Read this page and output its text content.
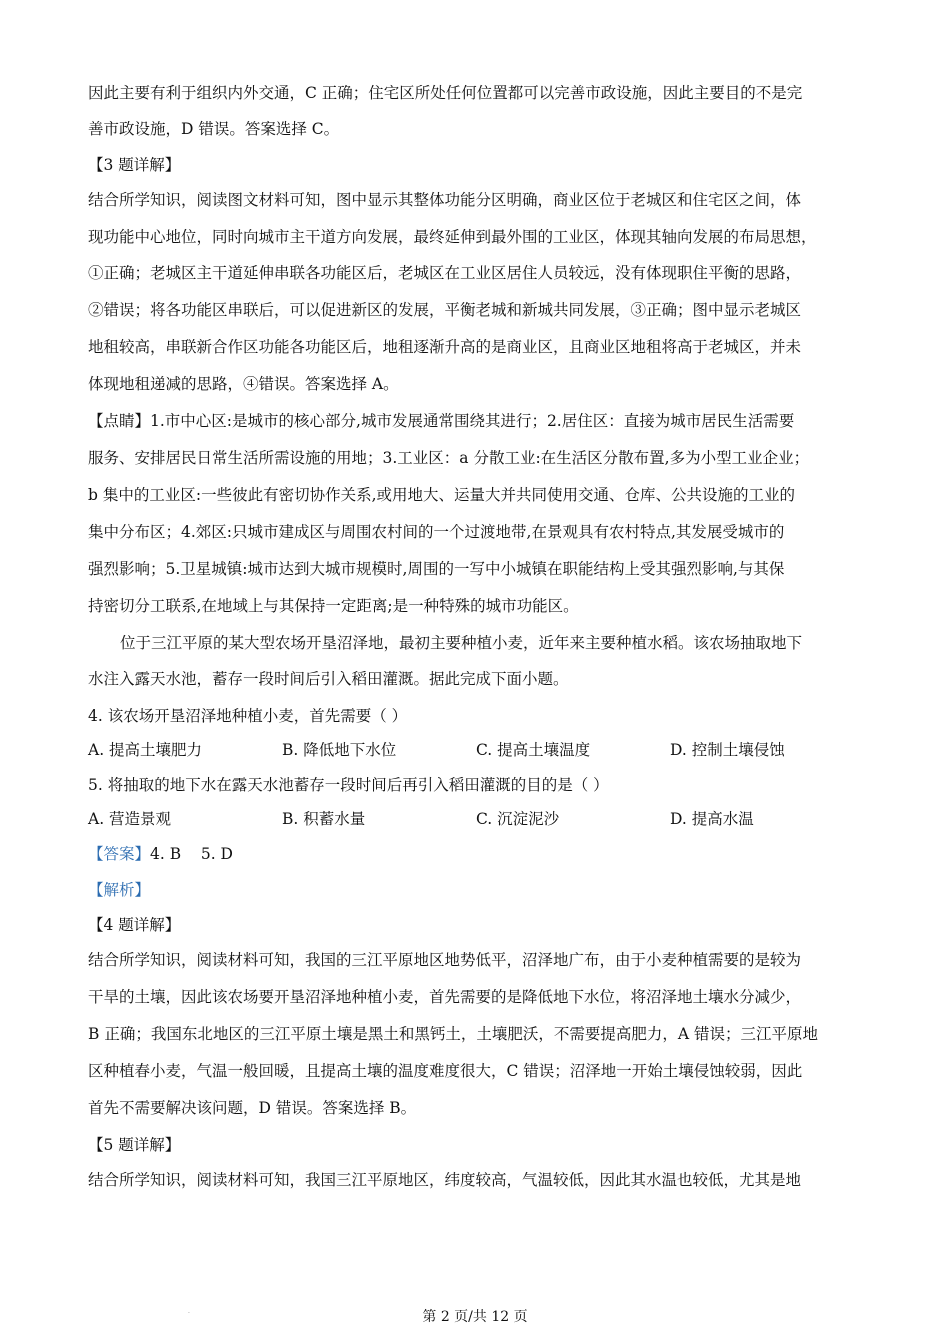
因此主要有利于组织内外交通，C 正确；住宅区所处任何位置都可以完善市政设施，因此主要目的不是完
善市政设施，D 错误。答案选择 C。
【3 题详解】
结合所学知识，阅读图文材料可知，图中显示其整体功能分区明确，商业区位于老城区和住宅区之间，体
现功能中心地位，同时向城市主干道方向发展，最终延伸到最外围的工业区，体现其轴向发展的布局思想，
①正确；老城区主干道延伸串联各功能区后，老城区在工业区居住人员较远，没有体现职住平衡的思路，
②错误；将各功能区串联后，可以促进新区的发展，平衡老城和新城共同发展，③正确；图中显示老城区
地租较高，串联新合作区功能各功能区后，地租逐渐升高的是商业区，且商业区地租将高于老城区，并未
体现地租递减的思路，④错误。答案选择 A。
【点睛】1.市中心区:是城市的核心部分,城市发展通常围绕其进行；2.居住区：直接为城市居民生活需要
服务、安排居民日常生活所需设施的用地；3.工业区：a 分散工业:在生活区分散布置,多为小型工业企业；
b 集中的工业区:一些彼此有密切协作关系,或用地大、运量大并共同使用交通、仓库、公共设施的工业的
集中分布区；4.郊区:只城市建成区与周围农村间的一个过渡地带,在景观具有农村特点,其发展受城市的
强烈影响；5.卫星城镇:城市达到大城市规模时,周围的一写中小城镇在职能结构上受其强烈影响,与其保
持密切分工联系,在地域上与其保持一定距离;是一种特殊的城市功能区。
位于三江平原的某大型农场开垦沼泽地，最初主要种植小麦，近年来主要种植水稻。该农场抽取地下
水注入露天水池，蓄存一段时间后引入稻田灌溉。据此完成下面小题。
4. 该农场开垦沼泽地种植小麦，首先需要（ ）
A. 提高土壤肥力	B. 降低地下水位	C. 提高土壤温度	D. 控制土壤侵蚀
5. 将抽取的地下水在露天水池蓄存一段时间后再引入稻田灌溉的目的是（ ）
A. 营造景观	B. 积蓄水量	C. 沉淀泥沙	D. 提高水温
【答案】4. B    5. D
【解析】
【4 题详解】
结合所学知识，阅读材料可知，我国的三江平原地区地势低平，沼泽地广布，由于小麦种植需要的是较为
干旱的土壤，因此该农场要开垦沼泽地种植小麦，首先需要的是降低地下水位，将沼泽地土壤水分减少，
B 正确；我国东北地区的三江平原土壤是黑土和黑钙土，土壤肥沃，不需要提高肥力，A 错误；三江平原地
区种植春小麦，气温一般回暖，且提高土壤的温度难度很大，C 错误；沼泽地一开始土壤侵蚀较弱，因此
首先不需要解决该问题，D 错误。答案选择 B。
【5 题详解】
结合所学知识，阅读材料可知，我国三江平原地区，纬度较高，气温较低，因此其水温也较低，尤其是地
·	第 2 页/共 12 页
